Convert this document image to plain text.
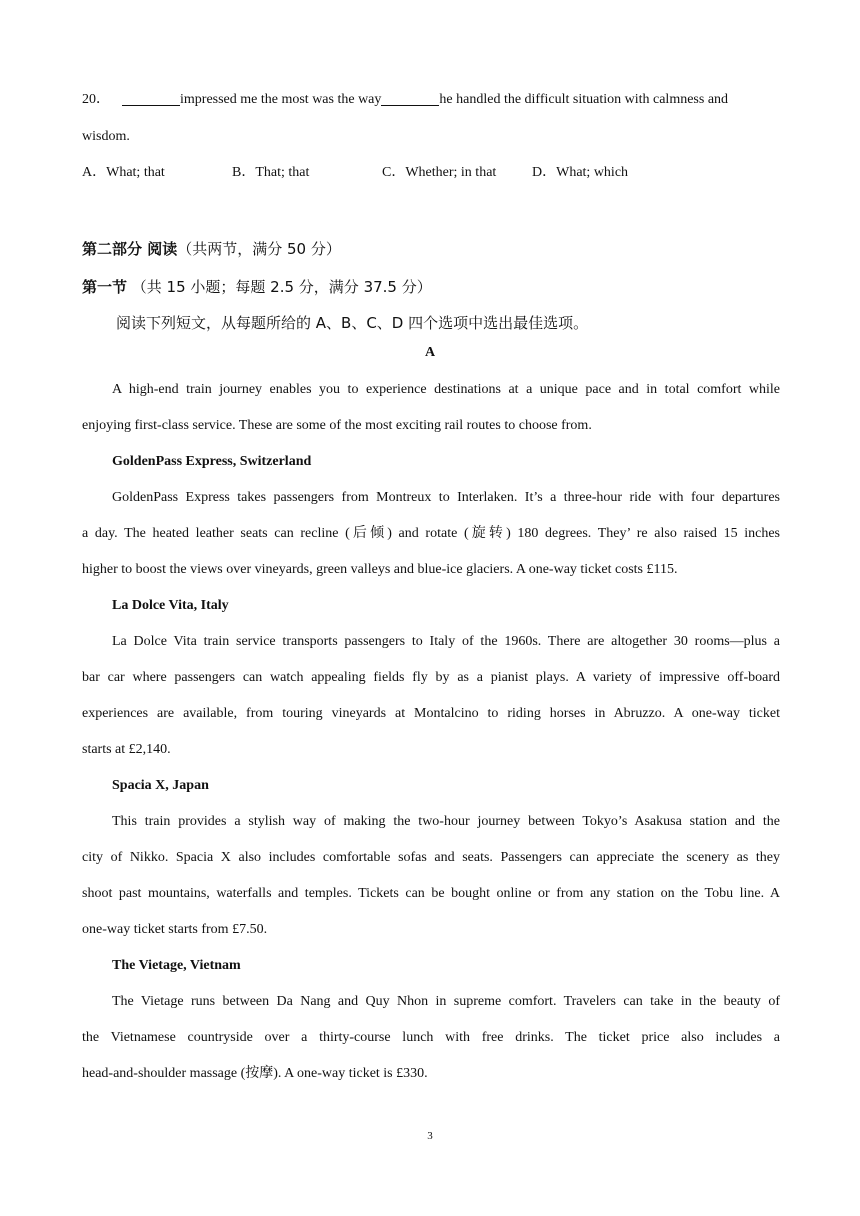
20．	impressed me the most was the way	he handled the difficult situation with calmness and
wisdom.
A．What; that	B．That; that	C．Whether; in that	D．What; which
第二部分 阅读（共两节，满分 50 分）
第一节 （共 15 小题；每题 2.5 分，满分 37.5 分）
阅读下列短文，从每题所给的 A、B、C、D 四个选项中选出最佳选项。
A
A high-end train journey enables you to experience destinations at a unique pace and in total comfort while
enjoying first-class service. These are some of the most exciting rail routes to choose from.
GoldenPass Express, Switzerland
GoldenPass Express takes passengers from Montreux to Interlaken. It’s a three-hour ride with four departures
a day. The heated leather seats can recline (后倾) and rotate (旋转) 180 degrees. They’ re also raised 15 inches
higher to boost the views over vineyards, green valleys and blue-ice glaciers. A one-way ticket costs £115.
La Dolce Vita, Italy
La Dolce Vita train service transports passengers to Italy of the 1960s. There are altogether 30 rooms—plus a
bar car where passengers can watch appealing fields fly by as a pianist plays. A variety of impressive off-board
experiences are available, from touring vineyards at Montalcino to riding horses in Abruzzo. A one-way ticket
starts at £2,140.
Spacia X, Japan
This train provides a stylish way of making the two-hour journey between Tokyo’s Asakusa station and the
city of Nikko. Spacia X also includes comfortable sofas and seats. Passengers can appreciate the scenery as they
shoot past mountains, waterfalls and temples. Tickets can be bought online or from any station on the Tobu line. A
one-way ticket starts from £7.50.
The Vietage, Vietnam
The Vietage runs between Da Nang and Quy Nhon in supreme comfort. Travelers can take in the beauty of
the Vietnamese countryside over a thirty-course lunch with free drinks. The ticket price also includes a
head-and-shoulder massage (按摩). A one-way ticket is £330.
3
